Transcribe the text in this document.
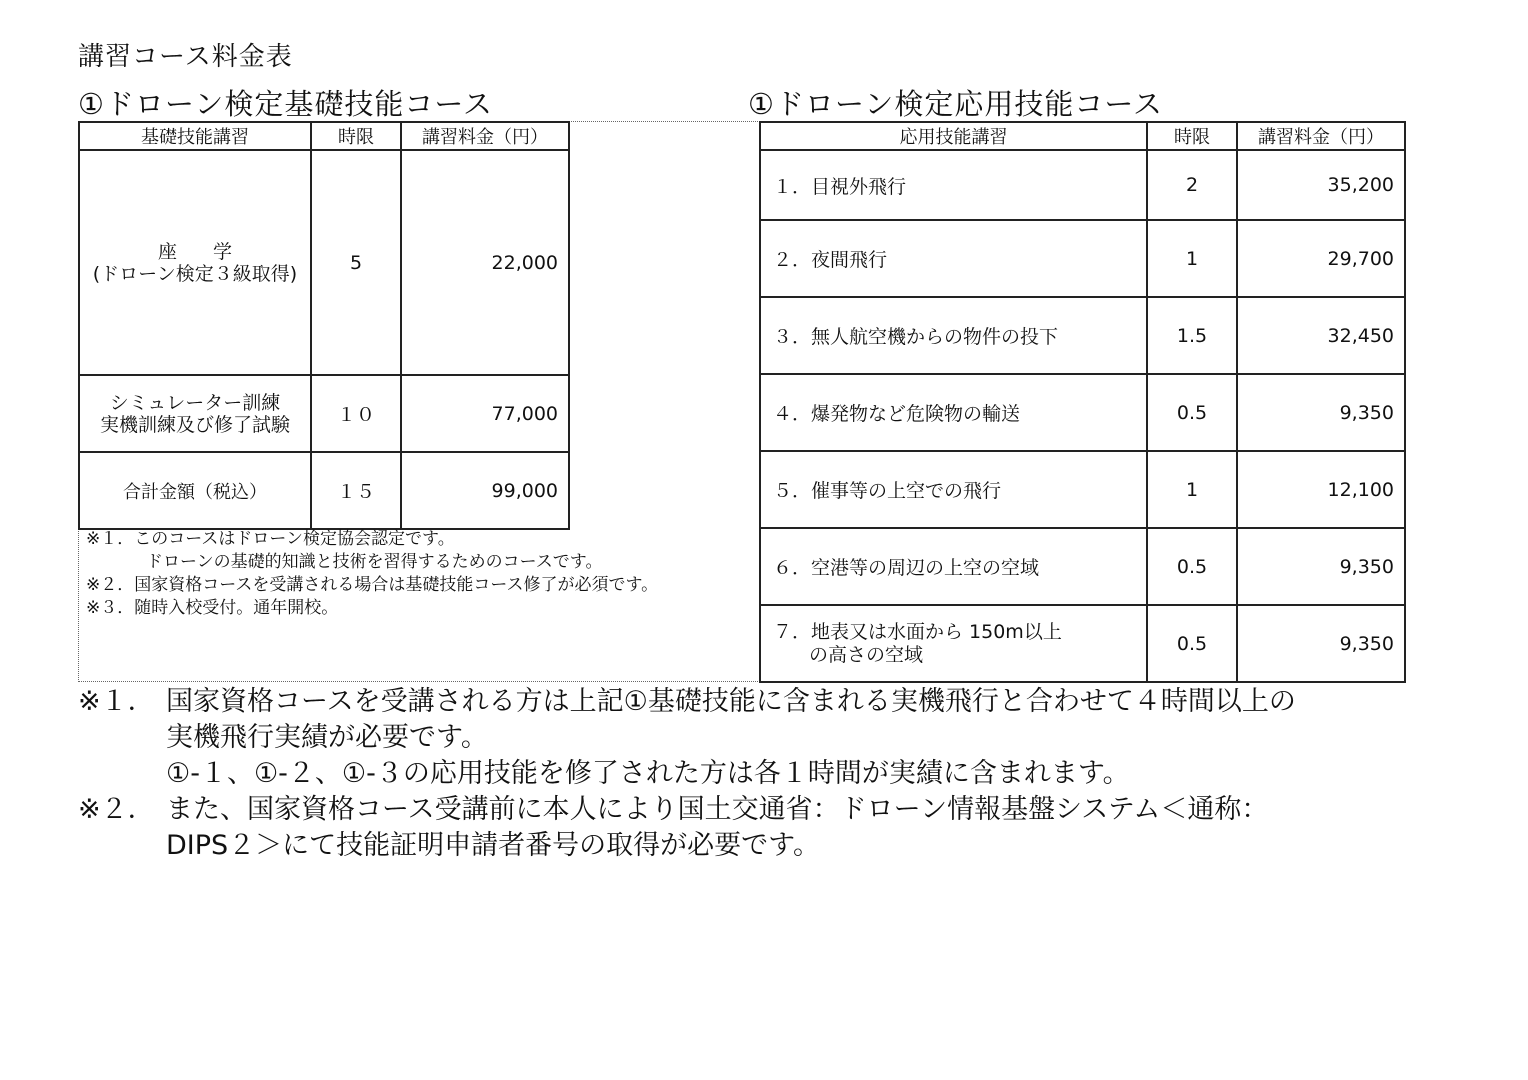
講習コース料金表
①ドローン検定基礎技能コース	①ドローン検定応用技能コース
基礎技能講習	時限	講習料金（円）

座学
(ドローン検定３級取得)	5	22,000

シミュレーター訓練
実機訓練及び修了試験	１０	77,000
合計金額（税込）	１５	99,000
※１．このコースはドローン検定協会認定です。
ドローンの基礎的知識と技術を習得するためのコースです。
※２．国家資格コースを受講される場合は基礎技能コース修了が必須です。
※３．随時入校受付。通年開校。
応用技能講習	時限	講習料金（円）
１．目視外飛行	2	35,200
２．夜間飛行	1	29,700
３．無人航空機からの物件の投下	1.5	32,450
４．爆発物など危険物の輸送	0.5	9,350
５．催事等の上空での飛行	1	12,100
６．空港等の周辺の上空の空域	0.5	9,350

７．地表又は水面から 150m以上
の高さの空域	0.5	9,350
※１． 国家資格コースを受講される方は上記①基礎技能に含まれる実機飛行と合わせて４時間以上の
実機飛行実績が必要です。
①-１、①-２、①-３の応用技能を修了された方は各１時間が実績に含まれます。
※２． また、国家資格コース受講前に本人により国土交通省：ドローン情報基盤システム＜通称：
DIPS２＞にて技能証明申請者番号の取得が必要です。
